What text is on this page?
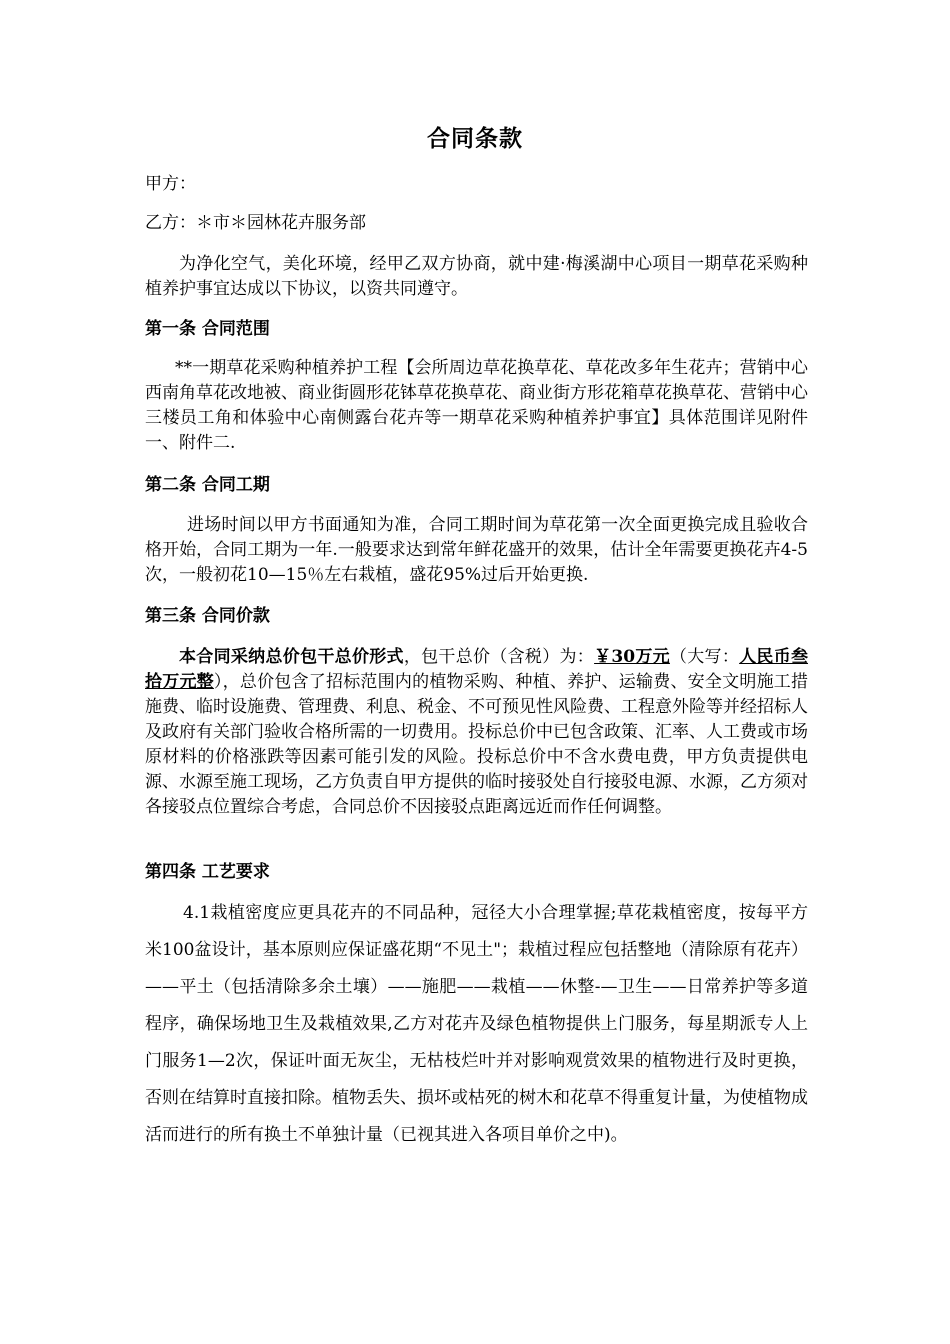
合同条款
甲方：
乙方：＊市＊园林花卉服务部
为净化空气，美化环境，经甲乙双方协商，就中建·梅溪湖中心项目一期草花采购种植养护事宜达成以下协议，以资共同遵守。
第一条 合同范围
**一期草花采购种植养护工程【会所周边草花换草花、草花改多年生花卉；营销中心西南角草花改地被、商业街圆形花钵草花换草花、商业街方形花箱草花换草花、营销中心三楼员工角和体验中心南侧露台花卉等一期草花采购种植养护事宜】具体范围详见附件一、附件二.
第二条 合同工期
进场时间以甲方书面通知为准，合同工期时间为草花第一次全面更换完成且验收合格开始，合同工期为一年.一般要求达到常年鲜花盛开的效果，估计全年需要更换花卉4-5次，一般初花10—15％左右栽植，盛花95%过后开始更换.
第三条 合同价款
本合同采纳总价包干总价形式，包干总价（含税）为：￥30万元（大写：人民币叁拾万元整），总价包含了招标范围内的植物采购、种植、养护、运输费、安全文明施工措施费、临时设施费、管理费、利息、税金、不可预见性风险费、工程意外险等并经招标人及政府有关部门验收合格所需的一切费用。投标总价中已包含政策、汇率、人工费或市场原材料的价格涨跌等因素可能引发的风险。投标总价中不含水费电费，甲方负责提供电源、水源至施工现场，乙方负责自甲方提供的临时接驳处自行接驳电源、水源，乙方须对各接驳点位置综合考虑，合同总价不因接驳点距离远近而作任何调整。
第四条 工艺要求
4.1栽植密度应更具花卉的不同品种，冠径大小合理掌握;草花栽植密度，按每平方米100盆设计，基本原则应保证盛花期“不见土"；栽植过程应包括整地（清除原有花卉）——平土（包括清除多余土壤）——施肥——栽植——休整-—卫生——日常养护等多道程序，确保场地卫生及栽植效果,乙方对花卉及绿色植物提供上门服务，每星期派专人上门服务1—2次，保证叶面无灰尘，无枯枝烂叶并对影响观赏效果的植物进行及时更换，否则在结算时直接扣除。植物丢失、损坏或枯死的树木和花草不得重复计量，为使植物成活而进行的所有换土不单独计量（已视其进入各项目单价之中)。
